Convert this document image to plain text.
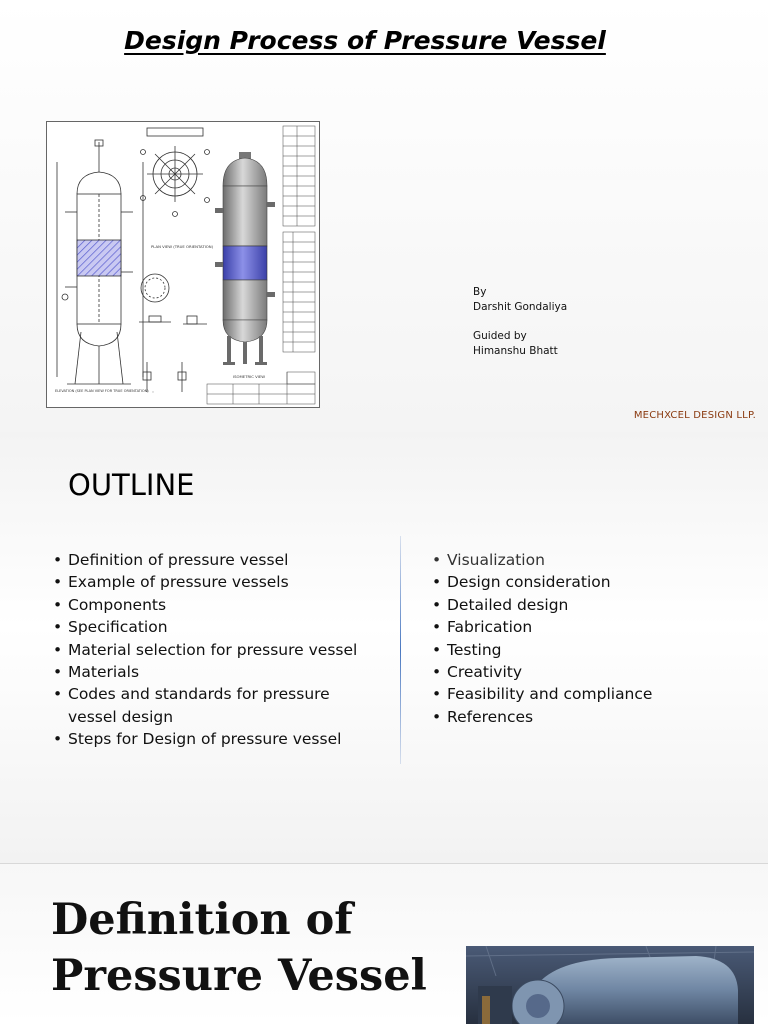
Design Process of Pressure Vessel
ELEVATION (SEE PLAN VIEW FOR TRUE ORIENTATION)
PLAN VIEW (TRUE ORIENTATION)
ISOMETRIC VIEW
By
Darshit Gondaliya
Guided by
Himanshu Bhatt
MECHXCEL DESIGN LLP.
OUTLINE
• Definition of pressure vessel
• Example of pressure vessels
• Components
• Specification
• Material selection for pressure vessel
• Materials
• Codes and standards for pressure vessel design
• Steps for Design of pressure vessel
• Visualization
• Design consideration
• Detailed design
• Fabrication
• Testing
• Creativity
• Feasibility and compliance
• References
Definition of
Pressure Vessel
